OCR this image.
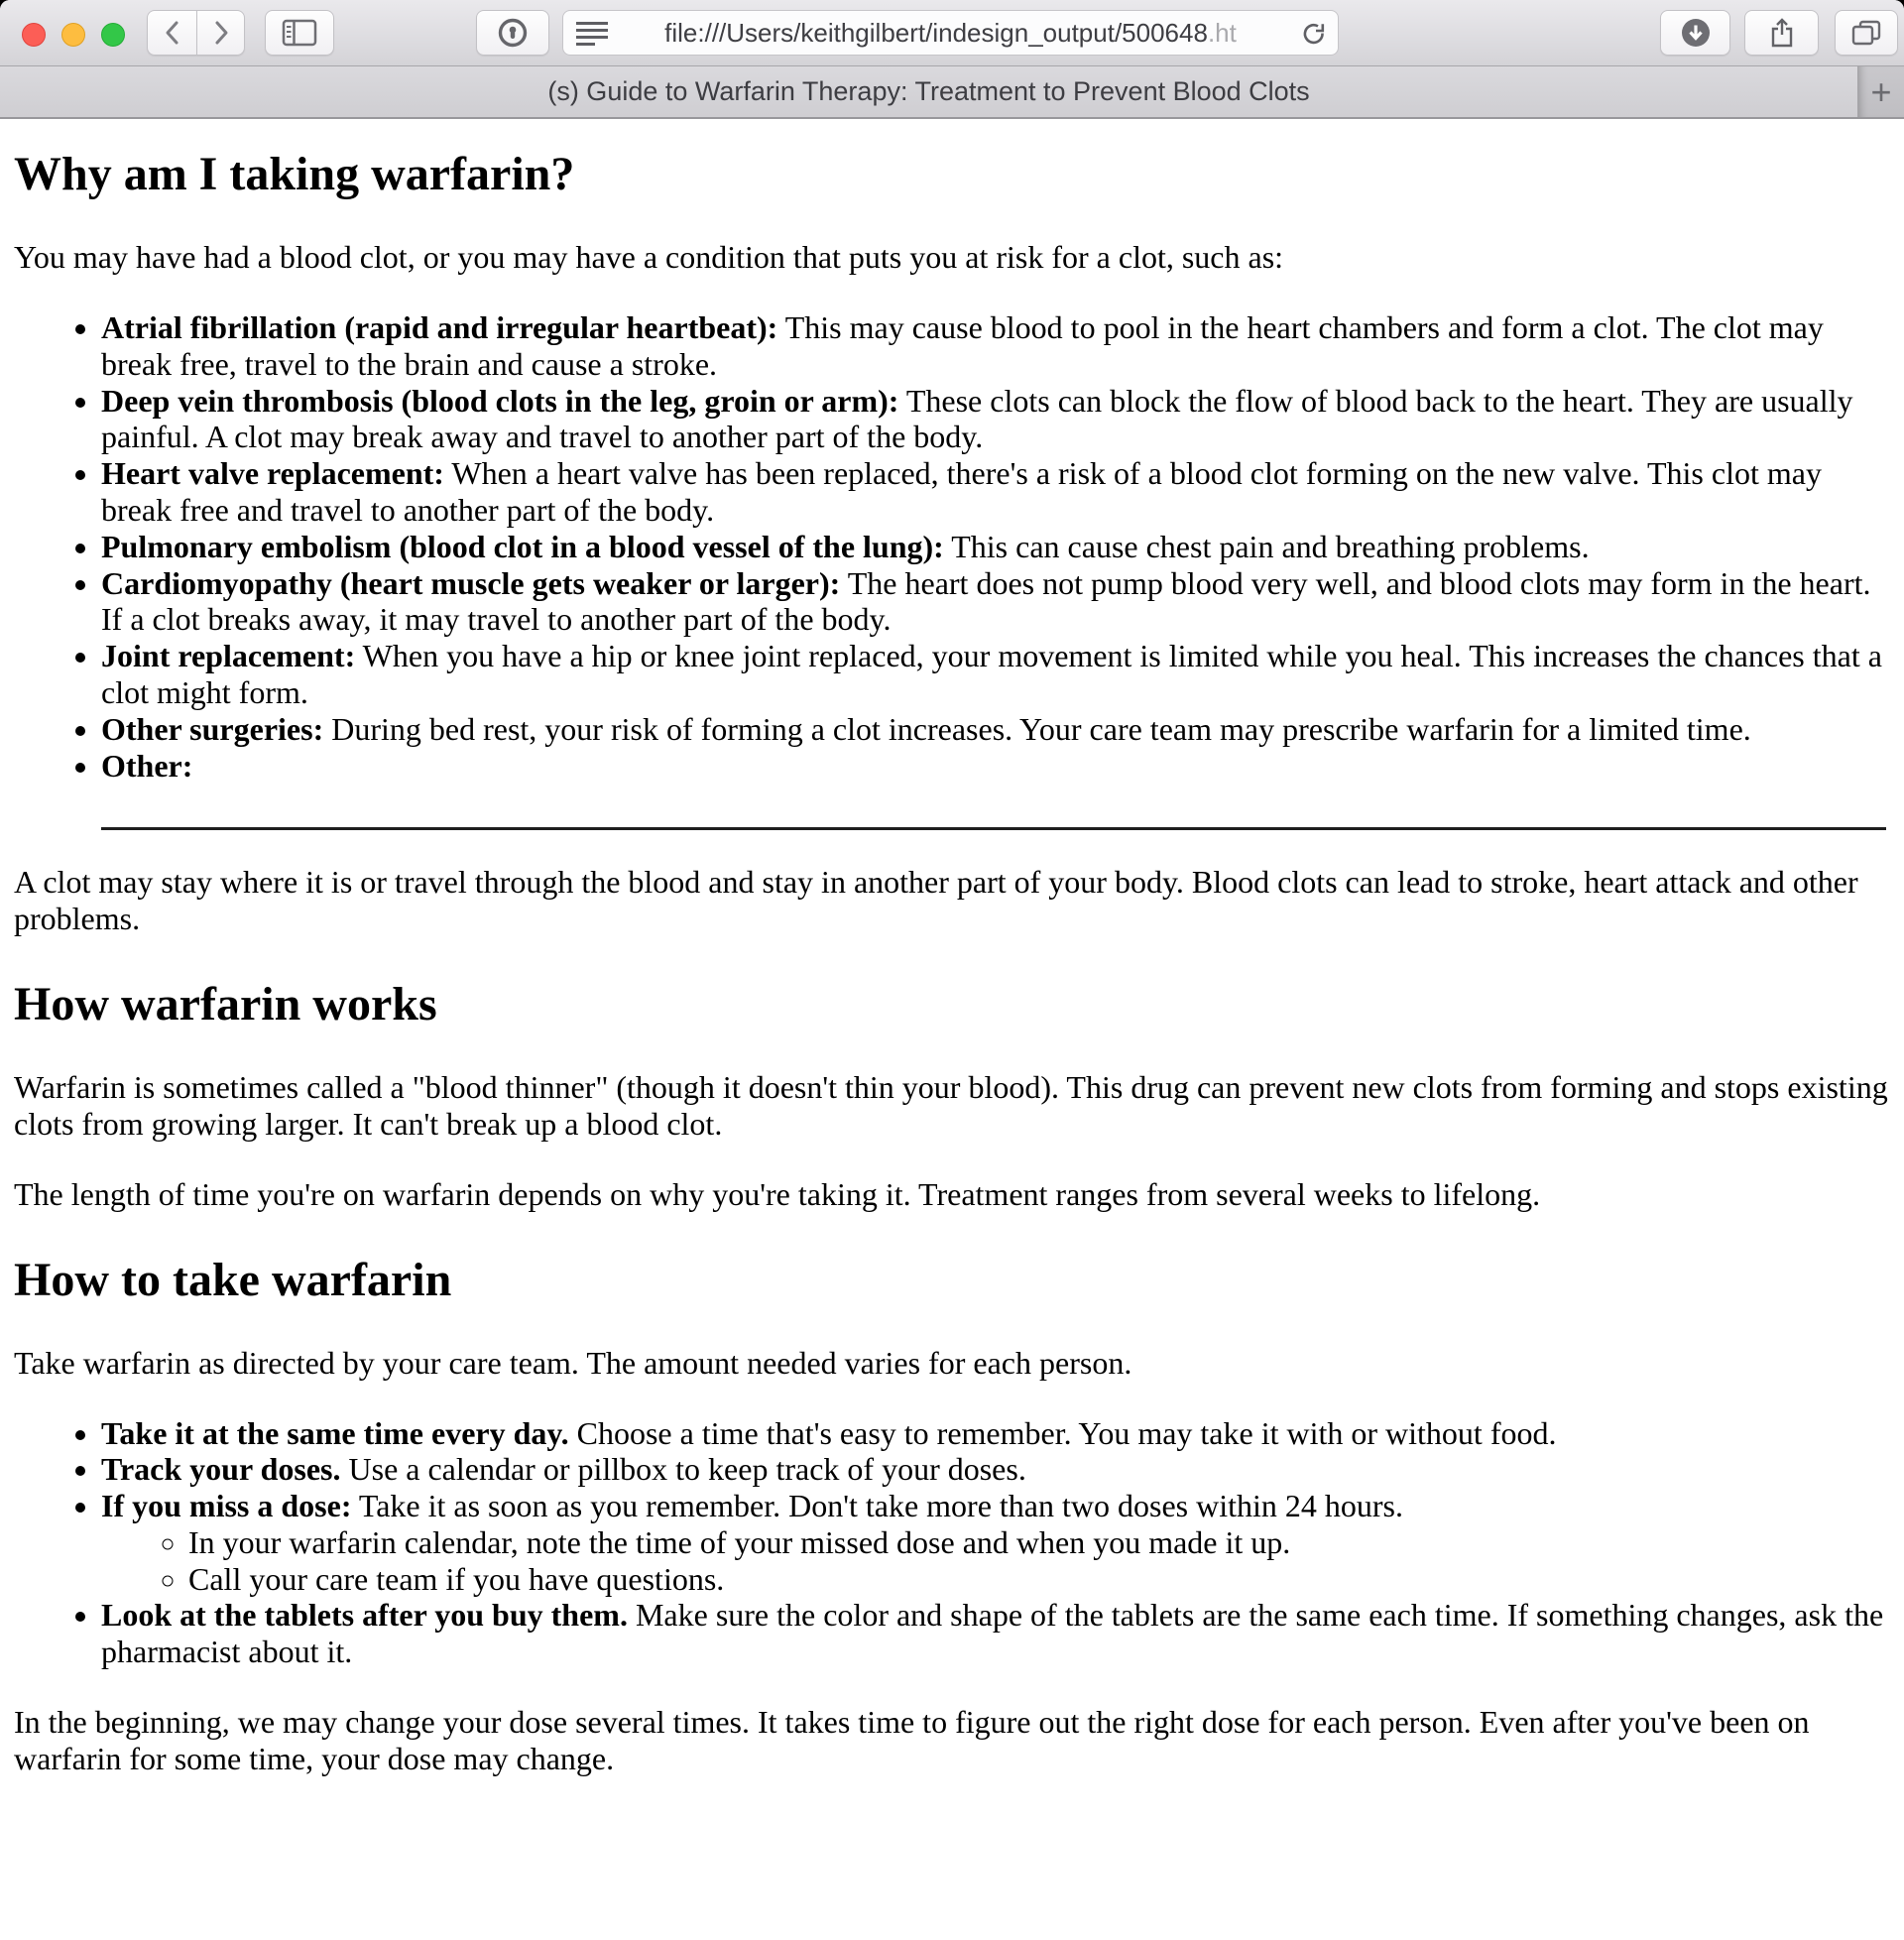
file:///Users/keithgilbert/indesign_output/500648.ht
(s) Guide to Warfarin Therapy: Treatment to Prevent Blood Clots	+
Why am I taking warfarin?

You may have had a blood clot, or you may have a condition that puts you at risk for a clot, such as:

• Atrial fibrillation (rapid and irregular heartbeat): This may cause blood to pool in the heart chambers and form a clot. The clot may break free, travel to the brain and cause a stroke.
• Deep vein thrombosis (blood clots in the leg, groin or arm): These clots can block the flow of blood back to the heart. They are usually painful. A clot may break away and travel to another part of the body.
• Heart valve replacement: When a heart valve has been replaced, there's a risk of a blood clot forming on the new valve. This clot may break free and travel to another part of the body.
• Pulmonary embolism (blood clot in a blood vessel of the lung): This can cause chest pain and breathing problems.
• Cardiomyopathy (heart muscle gets weaker or larger): The heart does not pump blood very well, and blood clots may form in the heart. If a clot breaks away, it may travel to another part of the body.
• Joint replacement: When you have a hip or knee joint replaced, your movement is limited while you heal. This increases the chances that a clot might form.
• Other surgeries: During bed rest, your risk of forming a clot increases. Your care team may prescribe warfarin for a limited time.
• Other:

A clot may stay where it is or travel through the blood and stay in another part of your body. Blood clots can lead to stroke, heart attack and other problems.

How warfarin works

Warfarin is sometimes called a "blood thinner" (though it doesn't thin your blood). This drug can prevent new clots from forming and stops existing clots from growing larger. It can't break up a blood clot.

The length of time you're on warfarin depends on why you're taking it. Treatment ranges from several weeks to lifelong.

How to take warfarin

Take warfarin as directed by your care team. The amount needed varies for each person.

• Take it at the same time every day. Choose a time that's easy to remember. You may take it with or without food.
• Track your doses. Use a calendar or pillbox to keep track of your doses.
• If you miss a dose: Take it as soon as you remember. Don't take more than two doses within 24 hours.
◦ In your warfarin calendar, note the time of your missed dose and when you made it up.
◦ Call your care team if you have questions.
• Look at the tablets after you buy them. Make sure the color and shape of the tablets are the same each time. If something changes, ask the pharmacist about it.

In the beginning, we may change your dose several times. It takes time to figure out the right dose for each person. Even after you've been on warfarin for some time, your dose may change.
